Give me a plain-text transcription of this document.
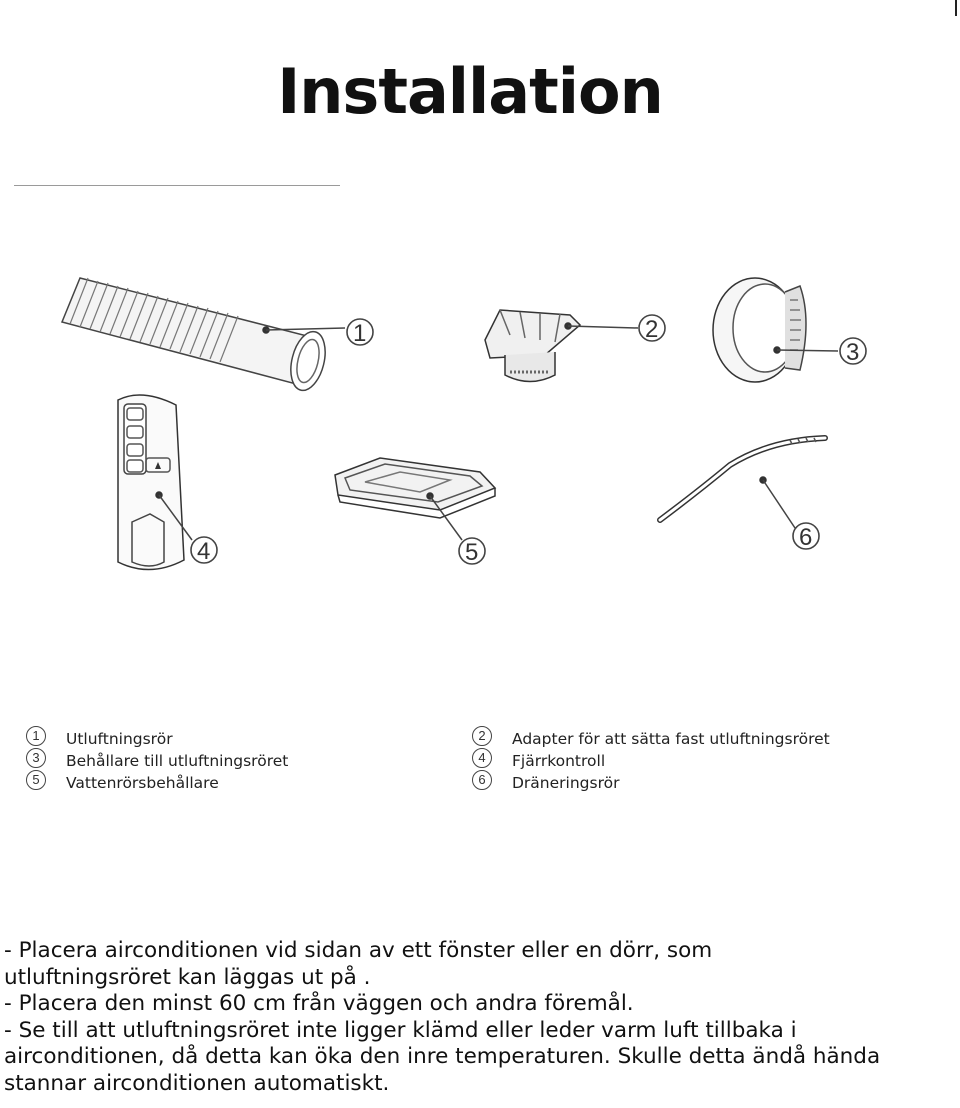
Installation
1	2
3
4	5
6
1	Utluftningsrör
3	Behållare till utluftningsröret
5	Vattenrörsbehållare
2	Adapter för att sätta fast utluftningsröret
4	Fjärrkontroll
6	Dräneringsrör

- Placera airconditionen vid sidan av ett fönster eller en dörr, som

utluftningsröret kan läggas ut på .

- Placera den minst 60 cm från väggen och andra föremål.

- Se till att utluftningsröret inte ligger klämd eller leder varm luft tillbaka i

airconditionen, då detta kan öka den inre temperaturen. Skulle detta ändå hända

stannar airconditionen automatiskt.
